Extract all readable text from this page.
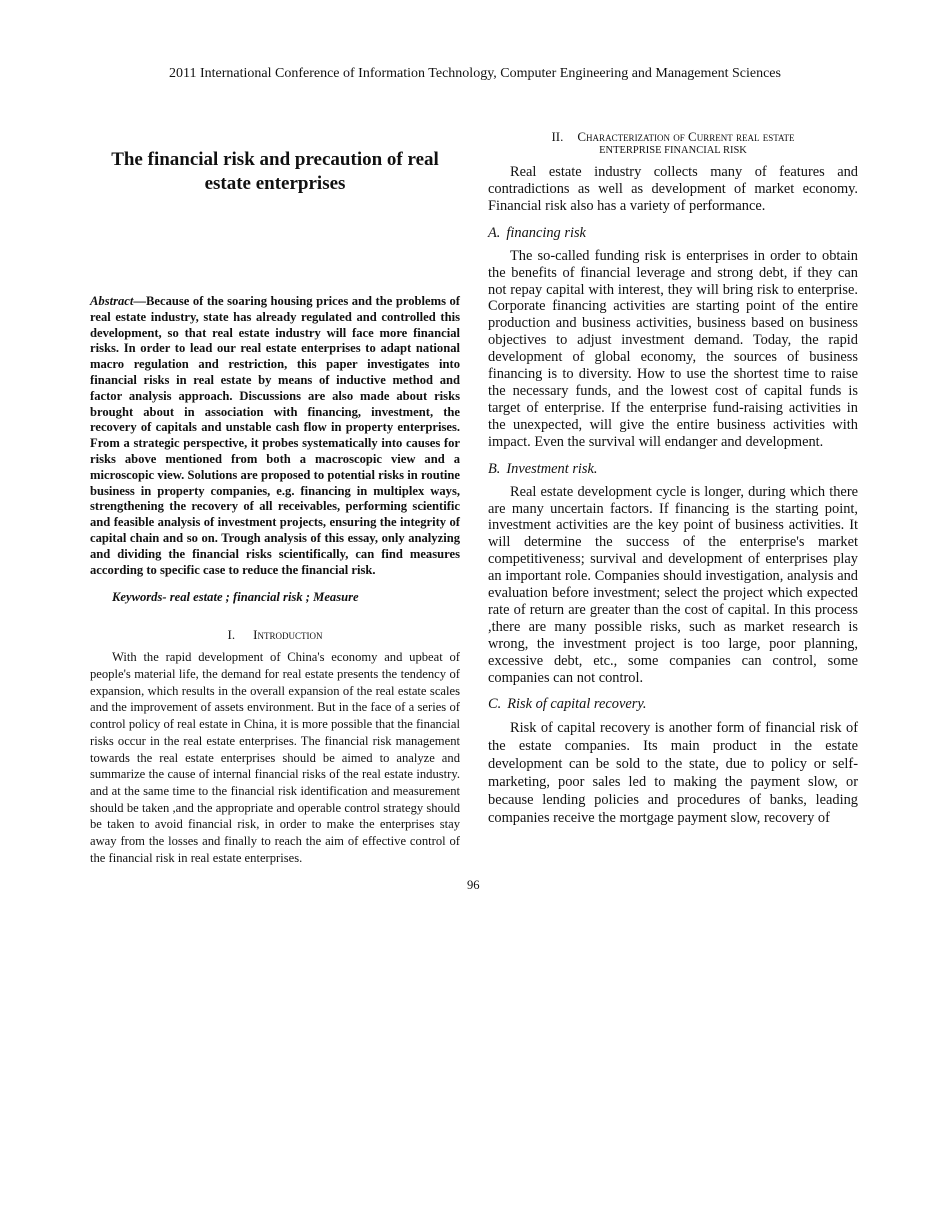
2011 International Conference of Information Technology, Computer Engineering and Management Sciences
The financial risk and precaution of real estate enterprises
Abstract—Because of the soaring housing prices and the problems of real estate industry, state has already regulated and controlled this development, so that real estate industry will face more financial risks. In order to lead our real estate enterprises to adapt national macro regulation and restriction, this paper investigates into financial risks in real estate by means of inductive method and factor analysis approach. Discussions are also made about risks brought about in association with financing, investment, the recovery of capitals and unstable cash flow in property enterprises. From a strategic perspective, it probes systematically into causes for risks above mentioned from both a macroscopic view and a microscopic view. Solutions are proposed to potential risks in routine business in property companies, e.g. financing in multiplex ways, strengthening the recovery of all receivables, performing scientific and feasible analysis of investment projects, ensuring the integrity of capital chain and so on. Trough analysis of this essay, only analyzing and dividing the financial risks scientifically, can find measures according to specific case to reduce the financial risk.
Keywords- real estate ; financial risk ; Measure
I. Introduction

With the rapid development of China's economy and upbeat of people's material life, the demand for real estate presents the tendency of expansion, which results in the overall expansion of the real estate scales and the improvement of assets environment. But in the face of a series of control policy of real estate in China, it is more possible that the financial risks occur in the real estate enterprises. The financial risk management towards the real estate enterprises should be aimed to analyze and summarize the cause of internal financial risks of the real estate industry. and at the same time to the financial risk identification and measurement should be taken ,and the appropriate and operable control strategy should be taken to avoid financial risk, in order to make the enterprises stay away from the losses and finally to reach the aim of effective control of the financial risk in real estate enterprises.

II. Characterization of Current real estate
ENTERPRISE FINANCIAL RISK

Real estate industry collects many of features and contradictions as well as development of market economy. Financial risk also has a variety of performance.

A. financing risk

The so-called funding risk is enterprises in order to obtain the benefits of financial leverage and strong debt, if they can not repay capital with interest, they will bring risk to enterprise. Corporate financing activities are starting point of the entire production and business activities, business based on business objectives to adjust investment demand. Today, the rapid development of global economy, the sources of business financing is to diversity. How to use the shortest time to raise the necessary funds, and the lowest cost of capital funds is target of enterprise. If the enterprise fund-raising activities in the unexpected, will give the entire business activities with impact. Even the survival will endanger and development.

B. Investment risk.

Real estate development cycle is longer, during which there are many uncertain factors. If financing is the starting point, investment activities are the key point of business activities. It will determine the success of the enterprise's market competitiveness; survival and development of enterprises play an important role. Companies should investigation, analysis and evaluation before investment; select the project which expected rate of return are greater than the cost of capital. In this process ,there are many possible risks, such as market research is wrong, the investment project is too large, poor planning, excessive debt, etc., some companies can control, some companies can not control.

C. Risk of capital recovery.

Risk of capital recovery is another form of financial risk of the estate companies. Its main product in the estate development can be sold to the state, due to policy or self-marketing, poor sales led to making the payment slow, or because lending policies and procedures of banks, leading companies receive the mortgage payment slow, recovery of

96
